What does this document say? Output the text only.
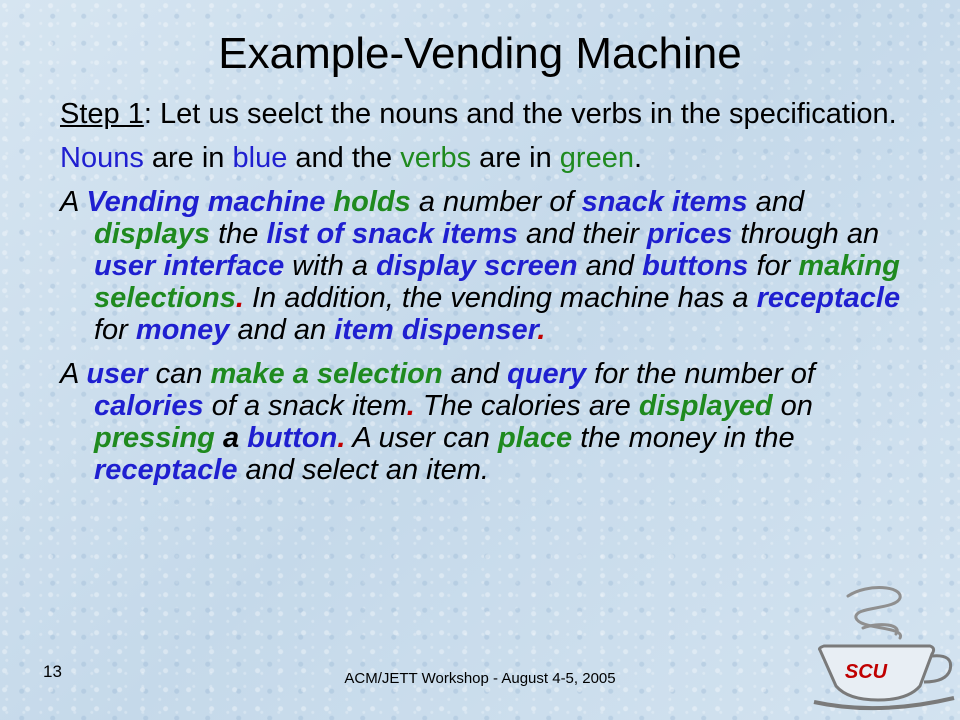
Example-Vending Machine

Step 1: Let us seelct the nouns and the verbs in the specification.

Nouns are in blue and the verbs are in green.

A Vending machine holds a number of snack items and displays the list of snack items and their prices through an user interface with a display screen and buttons for making selections. In addition, the vending machine has a receptacle for money and an item dispenser.

A user can make a selection and query for the number of calories of a snack item. The calories are displayed on pressing a button. A user can place the money in the receptacle and select an item.

13	ACM/JETT Workshop - August 4-5, 2005	SCU
